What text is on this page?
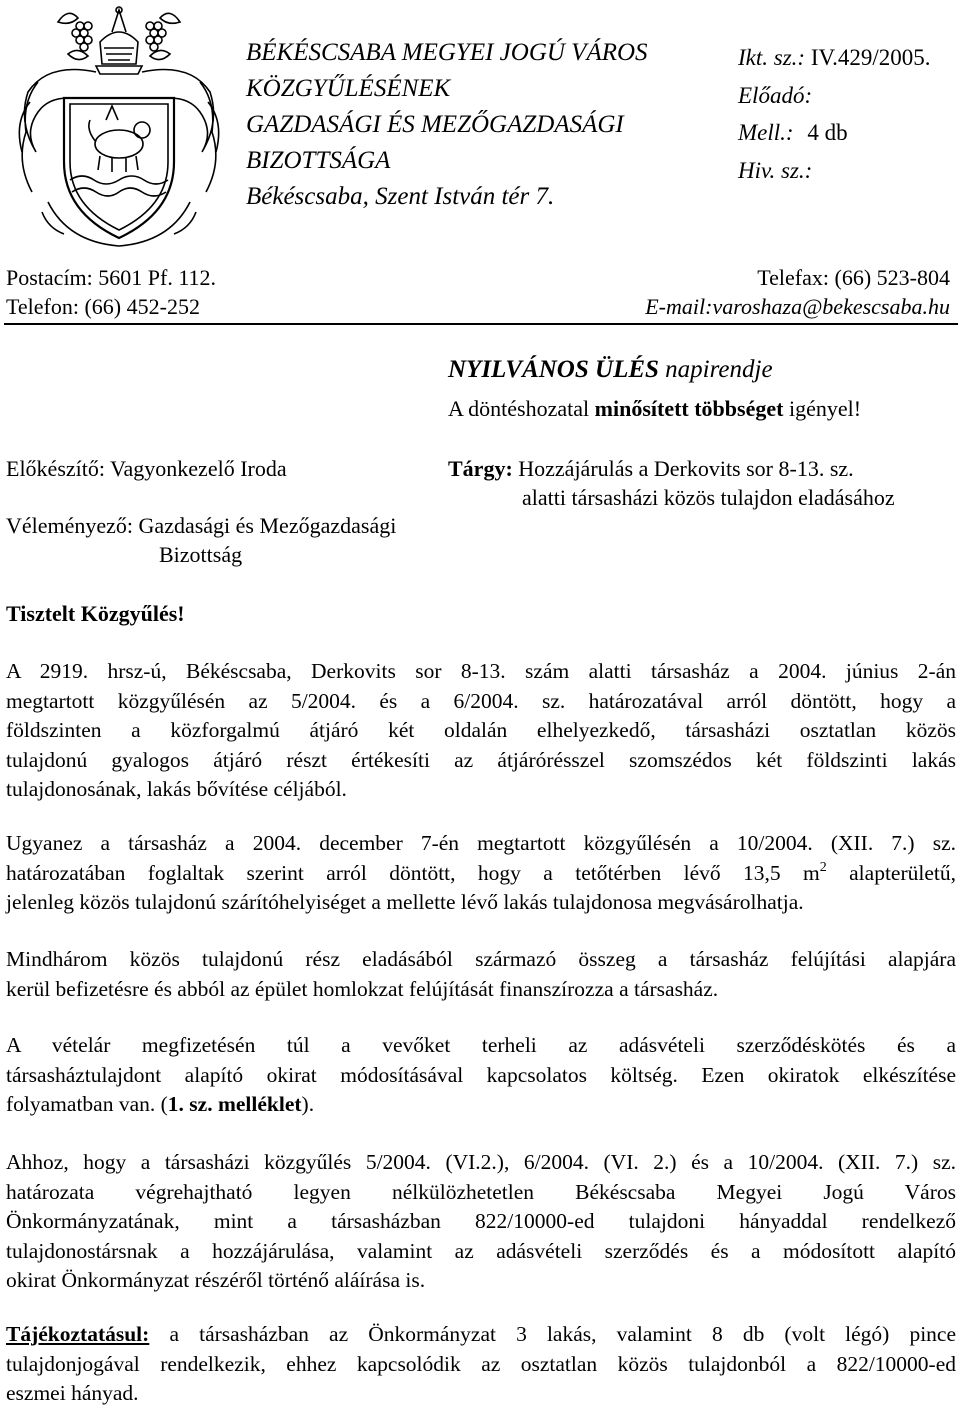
BÉKÉSCSABA MEGYEI JOGÚ VÁROS
KÖZGYŰLÉSÉNEK
GAZDASÁGI ÉS MEZŐGAZDASÁGI
BIZOTTSÁGA
Békéscsaba, Szent István tér 7.
Ikt. sz.: IV.429/2005.
Előadó:
Mell.: 4 db
Hiv. sz.:
Postacím: 5601 Pf. 112.
Telefon: (66) 452-252
Telefax: (66) 523-804
E-mail:varoshaza@bekescsaba.hu
NYILVÁNOS ÜLÉS napirendje
A döntéshozatal minősített többséget igényel!
Előkészítő: Vagyonkezelő Iroda
Véleményező: Gazdasági és Mezőgazdasági
Bizottság
Tárgy: Hozzájárulás a Derkovits sor 8-13. sz.
alatti társasházi közös tulajdon eladásához
Tisztelt Közgyűlés!
A 2919. hrsz-ú, Békéscsaba, Derkovits sor 8-13. szám alatti társasház a 2004. június 2-án
megtartott közgyűlésén az 5/2004. és a 6/2004. sz. határozatával arról döntött, hogy a
földszinten a közforgalmú átjáró két oldalán elhelyezkedő, társasházi osztatlan közös
tulajdonú gyalogos átjáró részt értékesíti az átjárórésszel szomszédos két földszinti lakás
tulajdonosának, lakás bővítése céljából.
Ugyanez a társasház a 2004. december 7-én megtartott közgyűlésén a 10/2004. (XII. 7.) sz.
határozatában foglaltak szerint arról döntött, hogy a tetőtérben lévő 13,5 $m^2$ alapterületű,
jelenleg közös tulajdonú szárítóhelyiséget a mellette lévő lakás tulajdonosa megvásárolhatja.
Mindhárom közös tulajdonú rész eladásából származó összeg a társasház felújítási alapjára
kerül befizetésre és abból az épület homlokzat felújítását finanszírozza a társasház.
A vételár megfizetésén túl a vevőket terheli az adásvételi szerződéskötés és a
társasháztulajdont alapító okirat módosításával kapcsolatos költség. Ezen okiratok elkészítése
folyamatban van. (1. sz. melléklet).
Ahhoz, hogy a társasházi közgyűlés 5/2004. (VI.2.), 6/2004. (VI. 2.) és a 10/2004. (XII. 7.) sz.
határozata végrehajtható legyen nélkülözhetetlen Békéscsaba Megyei Jogú Város
Önkormányzatának, mint a társasházban 822/10000-ed tulajdoni hányaddal rendelkező
tulajdonostársnak a hozzájárulása, valamint az adásvételi szerződés és a módosított alapító
okirat Önkormányzat részéről történő aláírása is.
Tájékoztatásul: a társasházban az Önkormányzat 3 lakás, valamint 8 db (volt légó) pince
tulajdonjogával rendelkezik, ehhez kapcsolódik az osztatlan közös tulajdonból a 822/10000-ed
eszmei hányad.
